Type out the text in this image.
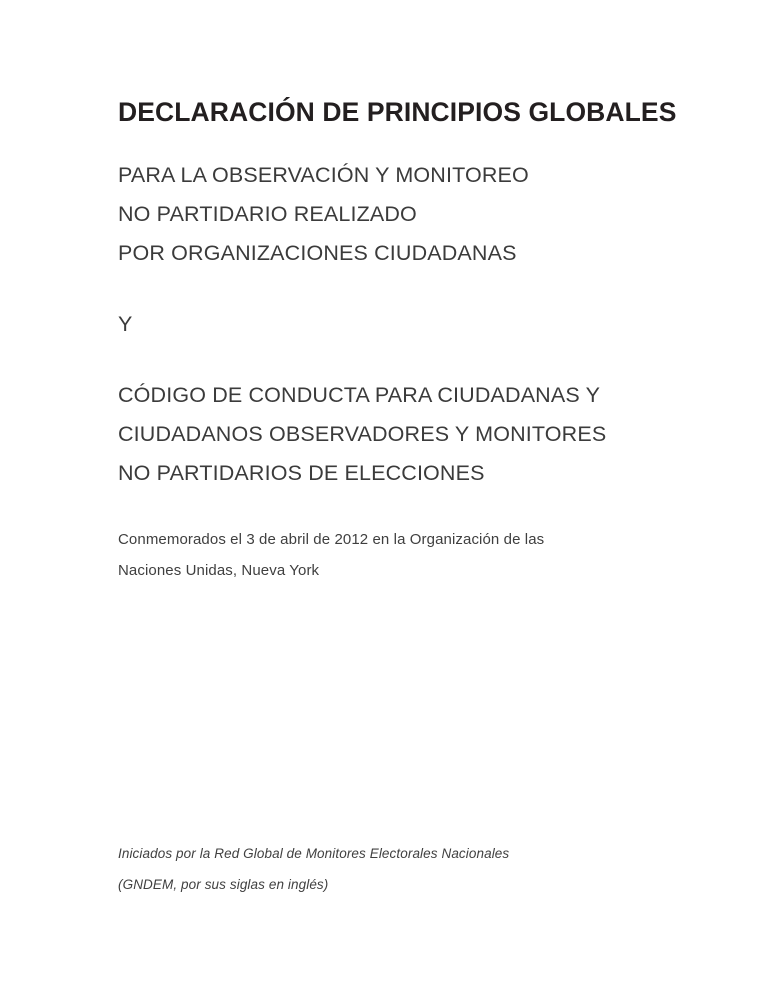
DECLARACIÓN DE PRINCIPIOS GLOBALES
PARA LA OBSERVACIÓN Y MONITOREO
NO PARTIDARIO REALIZADO
POR ORGANIZACIONES CIUDADANAS
Y
CÓDIGO DE CONDUCTA PARA CIUDADANAS Y
CIUDADANOS OBSERVADORES Y MONITORES
NO PARTIDARIOS DE ELECCIONES
Conmemorados el 3 de abril de 2012 en la Organización de las
Naciones Unidas, Nueva York
Iniciados por la Red Global de Monitores Electorales Nacionales
(GNDEM, por sus siglas en inglés)
